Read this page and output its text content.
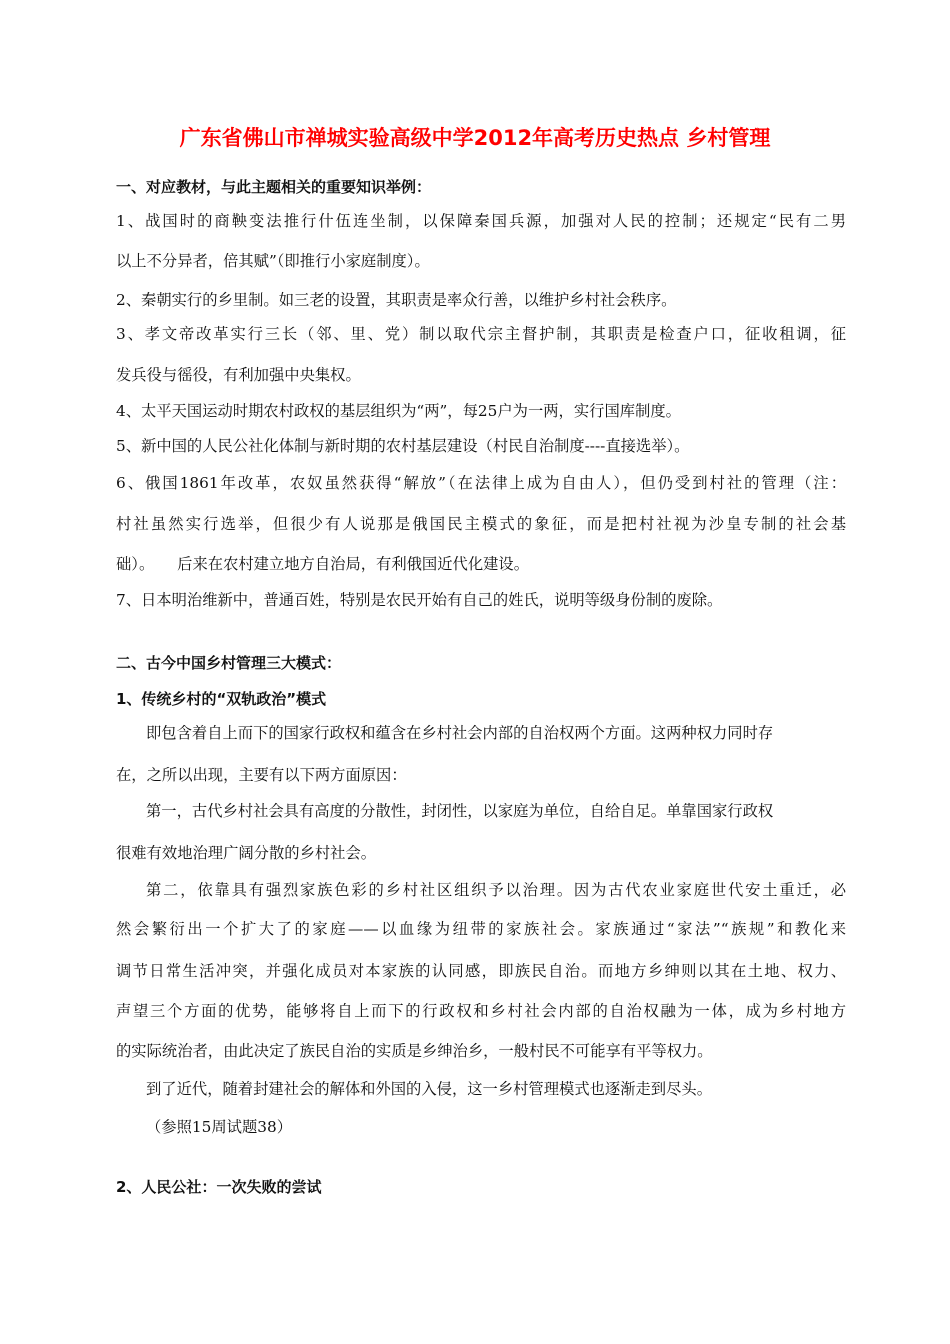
广东省佛山市禅城实验高级中学2012年高考历史热点 乡村管理
一、对应教材，与此主题相关的重要知识举例：
1、战国时的商鞅变法推行什伍连坐制，以保障秦国兵源，加强对人民的控制；还规定“民有二男
以上不分异者，倍其赋”（即推行小家庭制度）。
2、秦朝实行的乡里制。如三老的设置，其职责是率众行善，以维护乡村社会秩序。
3、孝文帝改革实行三长（邻、里、党）制以取代宗主督护制，其职责是检查户口，征收租调，征
发兵役与徭役，有利加强中央集权。
4、太平天国运动时期农村政权的基层组织为“两”，每25户为一两，实行国库制度。
5、新中国的人民公社化体制与新时期的农村基层建设（村民自治制度----直接选举）。
6、俄国1861年改革，农奴虽然获得“解放”（在法律上成为自由人），但仍受到村社的管理（注：
村社虽然实行选举，但很少有人说那是俄国民主模式的象征，而是把村社视为沙皇专制的社会基
础）。　　后来在农村建立地方自治局，有利俄国近代化建设。
7、日本明治维新中，普通百姓，特别是农民开始有自己的姓氏，说明等级身份制的废除。
二、古今中国乡村管理三大模式：
1、传统乡村的“双轨政治”模式
即包含着自上而下的国家行政权和蕴含在乡村社会内部的自治权两个方面。这两种权力同时存
在，之所以出现，主要有以下两方面原因：
第一，古代乡村社会具有高度的分散性，封闭性，以家庭为单位，自给自足。单靠国家行政权
很难有效地治理广阔分散的乡村社会。
第二，依靠具有强烈家族色彩的乡村社区组织予以治理。因为古代农业家庭世代安土重迁，必
然会繁衍出一个扩大了的家庭——以血缘为纽带的家族社会。家族通过“家法”“族规”和教化来
调节日常生活冲突，并强化成员对本家族的认同感，即族民自治。而地方乡绅则以其在土地、权力、
声望三个方面的优势，能够将自上而下的行政权和乡村社会内部的自治权融为一体，成为乡村地方
的实际统治者，由此决定了族民自治的实质是乡绅治乡，一般村民不可能享有平等权力。
到了近代，随着封建社会的解体和外国的入侵，这一乡村管理模式也逐渐走到尽头。
（参照15周试题38）
2、人民公社：一次失败的尝试
